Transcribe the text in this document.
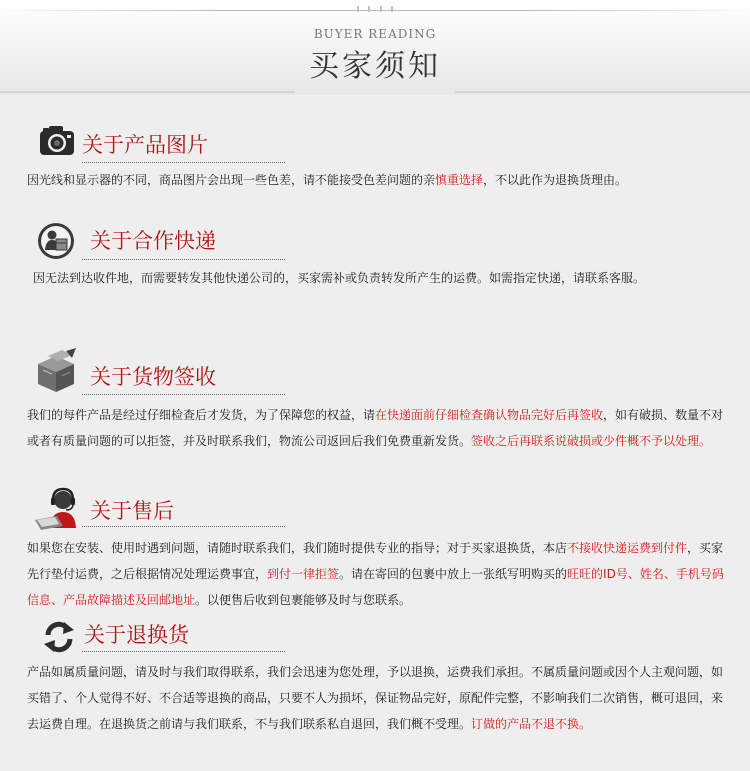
BUYER READING
买家须知
关于产品图片
因光线和显示器的不同，商品图片会出现一些色差，请不能接受色差问题的亲慎重选择，不以此作为退换货理由。
关于合作快递
因无法到达收件地，而需要转发其他快递公司的，买家需补或负责转发所产生的运费。如需指定快递，请联系客服。
关于货物签收
我们的每件产品是经过仔细检查后才发货，为了保障您的权益，请在快递面前仔细检查确认物品完好后再签收，如有破损、数量不对或者有质量问题的可以拒签，并及时联系我们，物流公司返回后我们免费重新发货。签收之后再联系说破损或少件概不予以处理。
关于售后
如果您在安装、使用时遇到问题，请随时联系我们，我们随时提供专业的指导；对于买家退换货，本店不接收快递运费到付件，买家先行垫付运费，之后根据情况处理运费事宜，到付一律拒签。请在寄回的包裹中放上一张纸写明购买的旺旺的ID号、姓名、手机号码信息、产品故障描述及回邮地址。以便售后收到包裹能够及时与您联系。
关于退换货
产品如属质量问题，请及时与我们取得联系，我们会迅速为您处理，予以退换，运费我们承担。不属质量问题或因个人主观问题，如买错了、个人觉得不好、不合适等退换的商品，只要不人为损坏，保证物品完好，原配件完整，不影响我们二次销售，概可退回，来去运费自理。在退换货之前请与我们联系，不与我们联系私自退回，我们概不受理。订做的产品不退不换。
